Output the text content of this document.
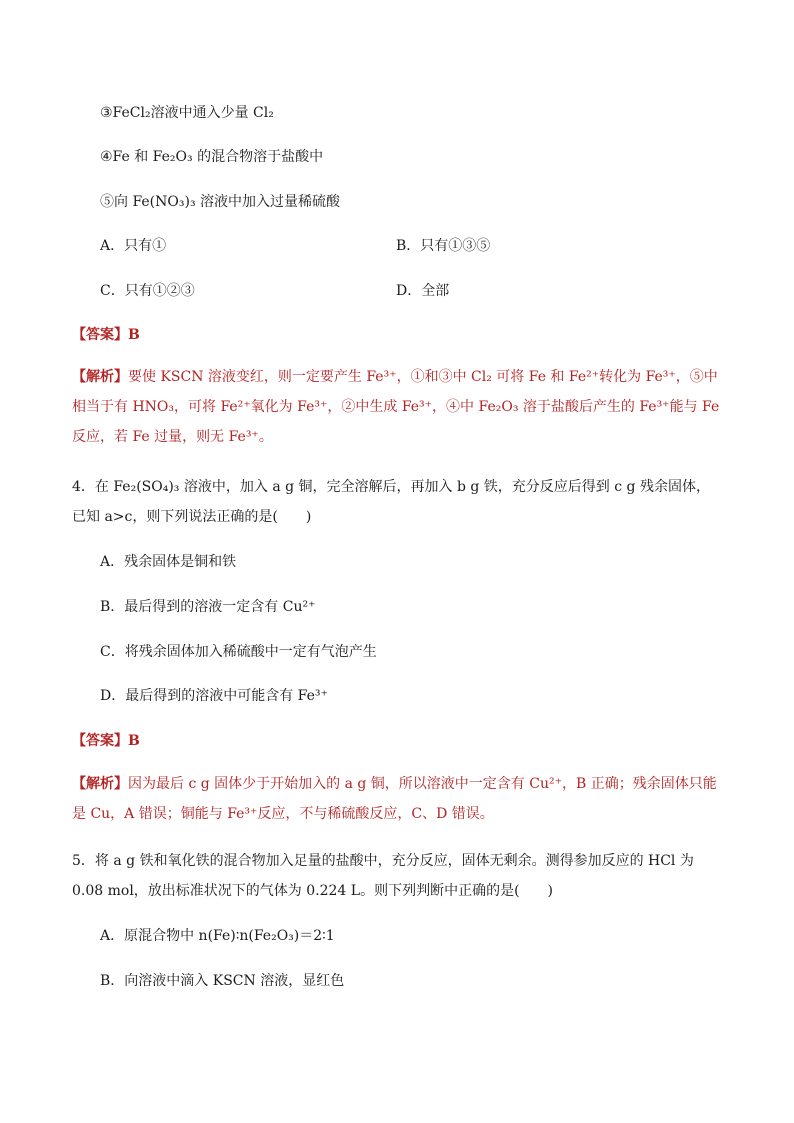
③FeCl₂溶液中通入少量 Cl₂
④Fe 和 Fe₂O₃ 的混合物溶于盐酸中
⑤向 Fe(NO₃)₃ 溶液中加入过量稀硫酸
A．只有①	B．只有①③⑤
C．只有①②③	D．全部
【答案】B
【解析】要使 KSCN 溶液变红，则一定要产生 Fe³⁺，①和③中 Cl₂ 可将 Fe 和 Fe²⁺转化为 Fe³⁺，⑤中相当于有 HNO₃，可将 Fe²⁺氧化为 Fe³⁺，②中生成 Fe³⁺，④中 Fe₂O₃ 溶于盐酸后产生的 Fe³⁺能与 Fe 反应，若 Fe 过量，则无 Fe³⁺。
4．在 Fe₂(SO₄)₃ 溶液中，加入 a g 铜，完全溶解后，再加入 b g 铁，充分反应后得到 c g 残余固体，已知 a>c，则下列说法正确的是(　　)
A．残余固体是铜和铁
B．最后得到的溶液一定含有 Cu²⁺
C．将残余固体加入稀硫酸中一定有气泡产生
D．最后得到的溶液中可能含有 Fe³⁺
【答案】B
【解析】因为最后 c g 固体少于开始加入的 a g 铜，所以溶液中一定含有 Cu²⁺，B 正确；残余固体只能是 Cu，A 错误；铜能与 Fe³⁺反应，不与稀硫酸反应，C、D 错误。
5．将 a g 铁和氧化铁的混合物加入足量的盐酸中，充分反应，固体无剩余。测得参加反应的 HCl 为 0.08 mol，放出标准状况下的气体为 0.224 L。则下列判断中正确的是(　　)
A．原混合物中 n(Fe)∶n(Fe₂O₃)＝2∶1
B．向溶液中滴入 KSCN 溶液，显红色
